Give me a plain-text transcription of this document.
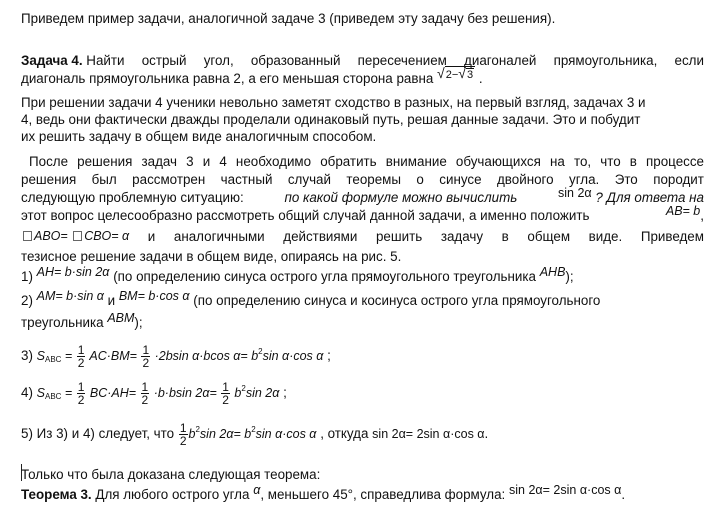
Приведем пример задачи, аналогичной задаче 3 (приведем эту задачу без решения).
Задача 4. Найти острый угол, образованный пересечением диагоналей прямоугольника, если
диагональ прямоугольника равна 2, а его меньшая сторона равна √2−√3 .
При решении задачи 4 ученики невольно заметят сходство в разных, на первый взгляд, задачах 3 и
4, ведь они фактически дважды проделали одинаковый путь, решая данные задачи. Это и побудит
их решить задачу в общем виде аналогичным способом.
После решения задач 3 и 4 необходимо обратить внимание обучающихся на то, что в процессе
решения был рассмотрен частный случай теоремы о синусе двойного угла. Это породит
следующую проблемную ситуацию:	по какой формуле можно вычислить	sin 2α ? Для ответа на
этот вопрос целесообразно рассмотреть общий случай данной задачи, а именно положить	AB= b,
ABO= CBO= α и аналогичными действиями решить задачу в общем виде. Приведем
тезисное решение задачи в общем виде, опираясь на рис. 5.
1) AH= b·sin 2α (по определению синуса острого угла прямоугольного треугольника AHB);
2) AM= b·sin α и BM= b·cos α (по определению синуса и косинуса острого угла прямоугольного
треугольника ABM);
3) $S_{ABC} = \frac{1}{2} AC\cdot BM= \frac{1}{2} \cdot 2bsin$ α·bcos $\alpha= b^2\sin$ α·cos α ;
4) $S_{ABC} = \frac{1}{2} BC\cdot AH= \frac{1}{2} \cdot b\cdot bsin$ $2\alpha= \frac{1}{2} b^2\sin$ 2α ;
5) Из 3) и 4) следует, что $\frac{1}{2} b^2\sin$ $2\alpha= b^2\sin$ α·cos α , откуда sin 2α= 2sin α·cos α.
Только что была доказана следующая теорема:
Теорема 3. Для любого острого угла α, меньшего 45°, справедлива формула: sin 2α= 2sin α·cos α.
